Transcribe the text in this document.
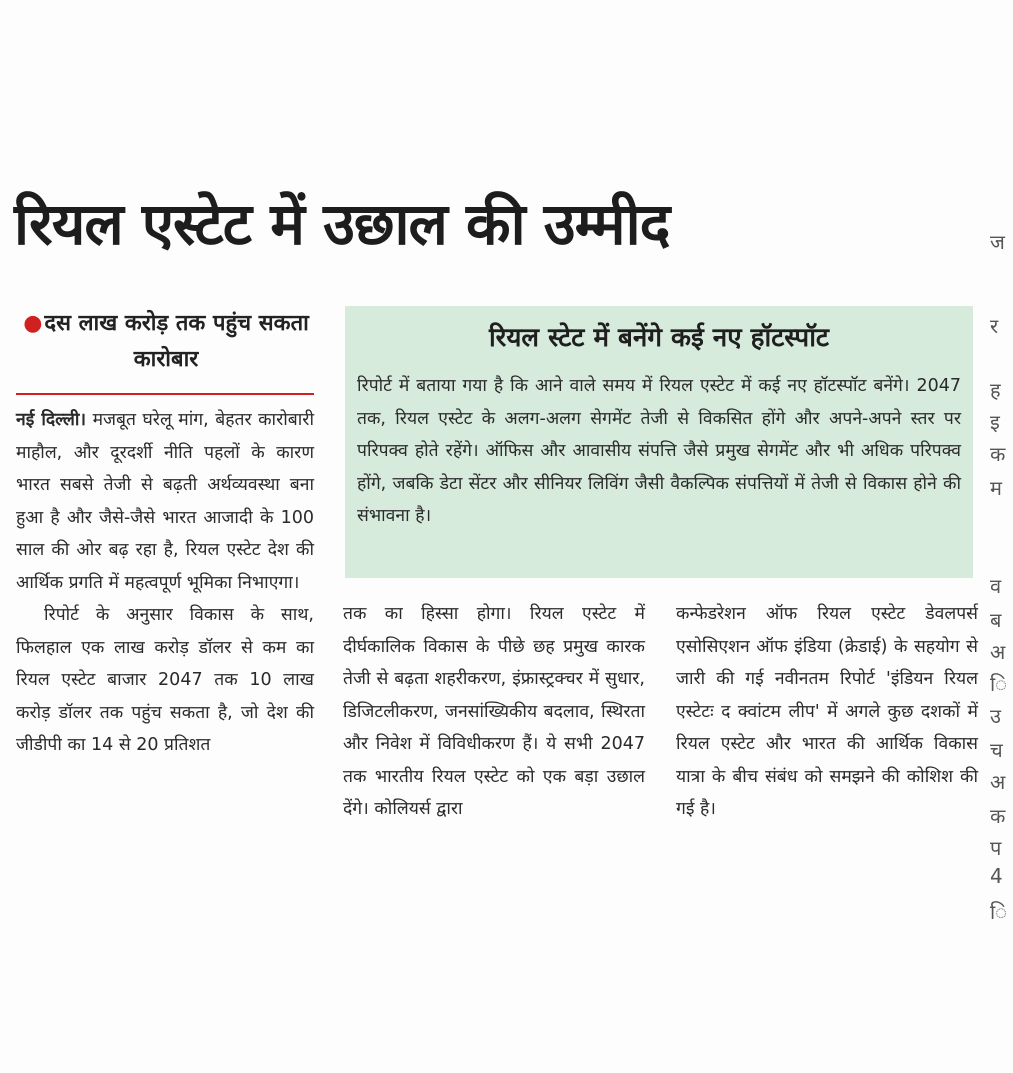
रियल एस्टेट में उछाल की उम्मीद
●दस लाख करोड़ तक पहुंच सकता कारोबार

नई दिल्ली। मजबूत घरेलू मांग, बेहतर कारोबारी माहौल, और दूरदर्शी नीति पहलों के कारण भारत सबसे तेजी से बढ़ती अर्थव्यवस्था बना हुआ है और जैसे-जैसे भारत आजादी के 100 साल की ओर बढ़ रहा है, रियल एस्टेट देश की आर्थिक प्रगति में महत्वपूर्ण भूमिका निभाएगा।

रिपोर्ट के अनुसार विकास के साथ, फिलहाल एक लाख करोड़ डॉलर से कम का रियल एस्टेट बाजार 2047 तक 10 लाख करोड़ डॉलर तक पहुंच सकता है, जो देश की जीडीपी का 14 से 20 प्रतिशत

रियल स्टेट में बनेंगे कई नए हॉटस्पॉट

रिपोर्ट में बताया गया है कि आने वाले समय में रियल एस्टेट में कई नए हॉटस्पॉट बनेंगे। 2047 तक, रियल एस्टेट के अलग-अलग सेगमेंट तेजी से विकसित होंगे और अपने-अपने स्तर पर परिपक्व होते रहेंगे। ऑफिस और आवासीय संपत्ति जैसे प्रमुख सेगमेंट और भी अधिक परिपक्व होंगे, जबकि डेटा सेंटर और सीनियर लिविंग जैसी वैकल्पिक संपत्तियों में तेजी से विकास होने की संभावना है।

तक का हिस्सा होगा। रियल एस्टेट में दीर्घकालिक विकास के पीछे छह प्रमुख कारक तेजी से बढ़ता शहरीकरण, इंफ्रास्ट्रक्चर में सुधार, डिजिटलीकरण, जनसांख्यिकीय बदलाव, स्थिरता और निवेश में विविधीकरण हैं। ये सभी 2047 तक भारतीय रियल एस्टेट को एक बड़ा उछाल देंगे। कोलियर्स द्वारा

कन्फेडरेशन ऑफ रियल एस्टेट डेवलपर्स एसोसिएशन ऑफ इंडिया (क्रेडाई) के सहयोग से जारी की गई नवीनतम रिपोर्ट 'इंडियन रियल एस्टेटः द क्वांटम लीप' में अगले कुछ दशकों में रियल एस्टेट और भारत की आर्थिक विकास यात्रा के बीच संबंध को समझने की कोशिश की गई है।

ज
र
ह
इ
क
म
व
ब
अ
ि
उ
च
अ
क
प
4
ि
